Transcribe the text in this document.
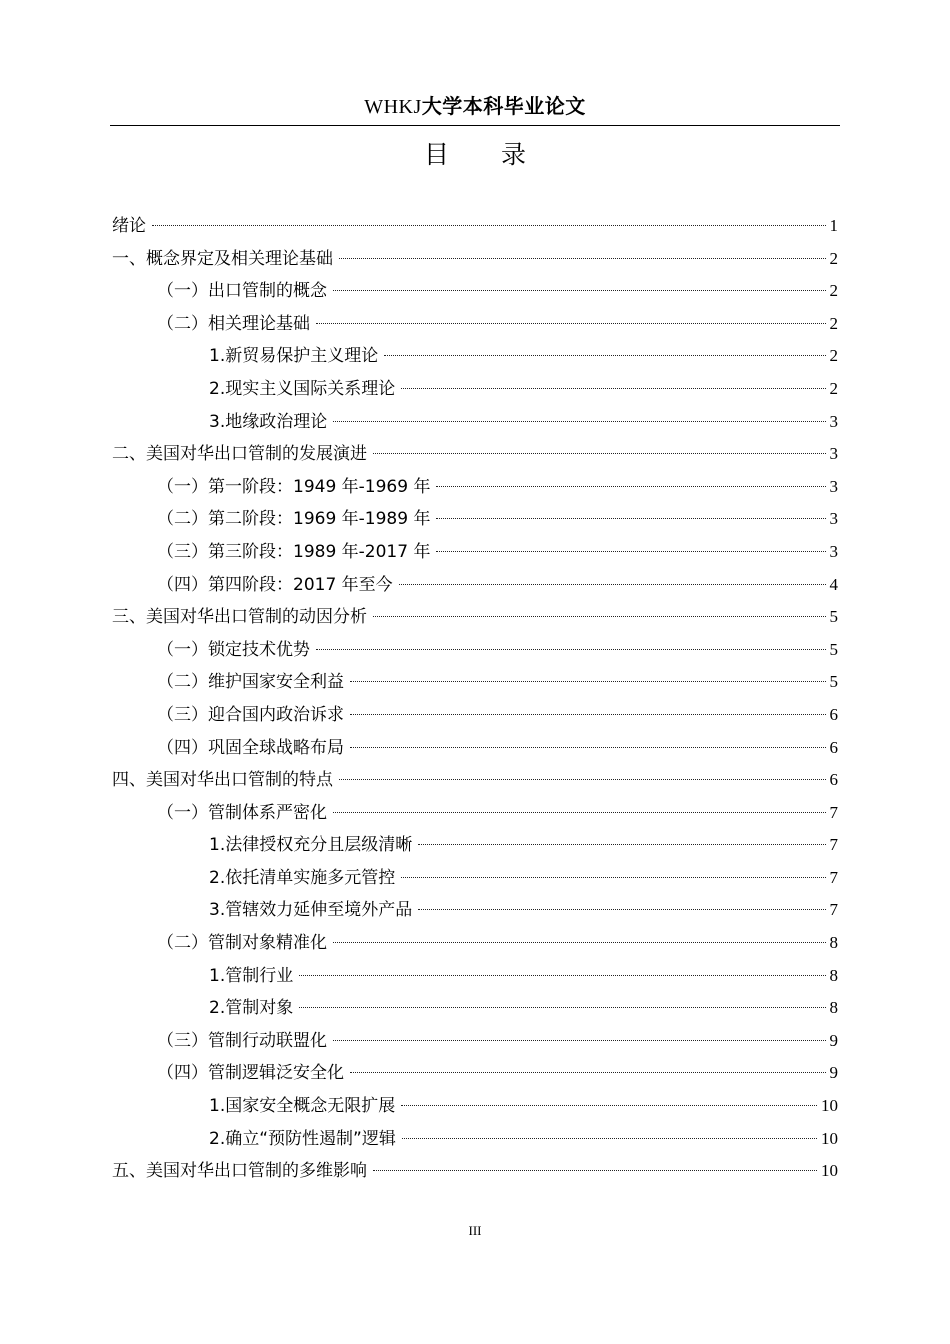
WHKJ大学本科毕业论文
目 录
绪论	1
一、概念界定及相关理论基础	2
（一）出口管制的概念	2
（二）相关理论基础	2
1.新贸易保护主义理论	2
2.现实主义国际关系理论	2
3.地缘政治理论	3
二、美国对华出口管制的发展演进	3
（一）第一阶段：1949 年-1969 年	3
（二）第二阶段：1969 年-1989 年	3
（三）第三阶段：1989 年-2017 年	3
（四）第四阶段：2017 年至今	4
三、美国对华出口管制的动因分析	5
（一）锁定技术优势	5
（二）维护国家安全利益	5
（三）迎合国内政治诉求	6
（四）巩固全球战略布局	6
四、美国对华出口管制的特点	6
（一）管制体系严密化	7
1.法律授权充分且层级清晰	7
2.依托清单实施多元管控	7
3.管辖效力延伸至境外产品	7
（二）管制对象精准化	8
1.管制行业	8
2.管制对象	8
（三）管制行动联盟化	9
（四）管制逻辑泛安全化	9
1.国家安全概念无限扩展	10
2.确立“预防性遏制”逻辑	10
五、美国对华出口管制的多维影响	10
III
